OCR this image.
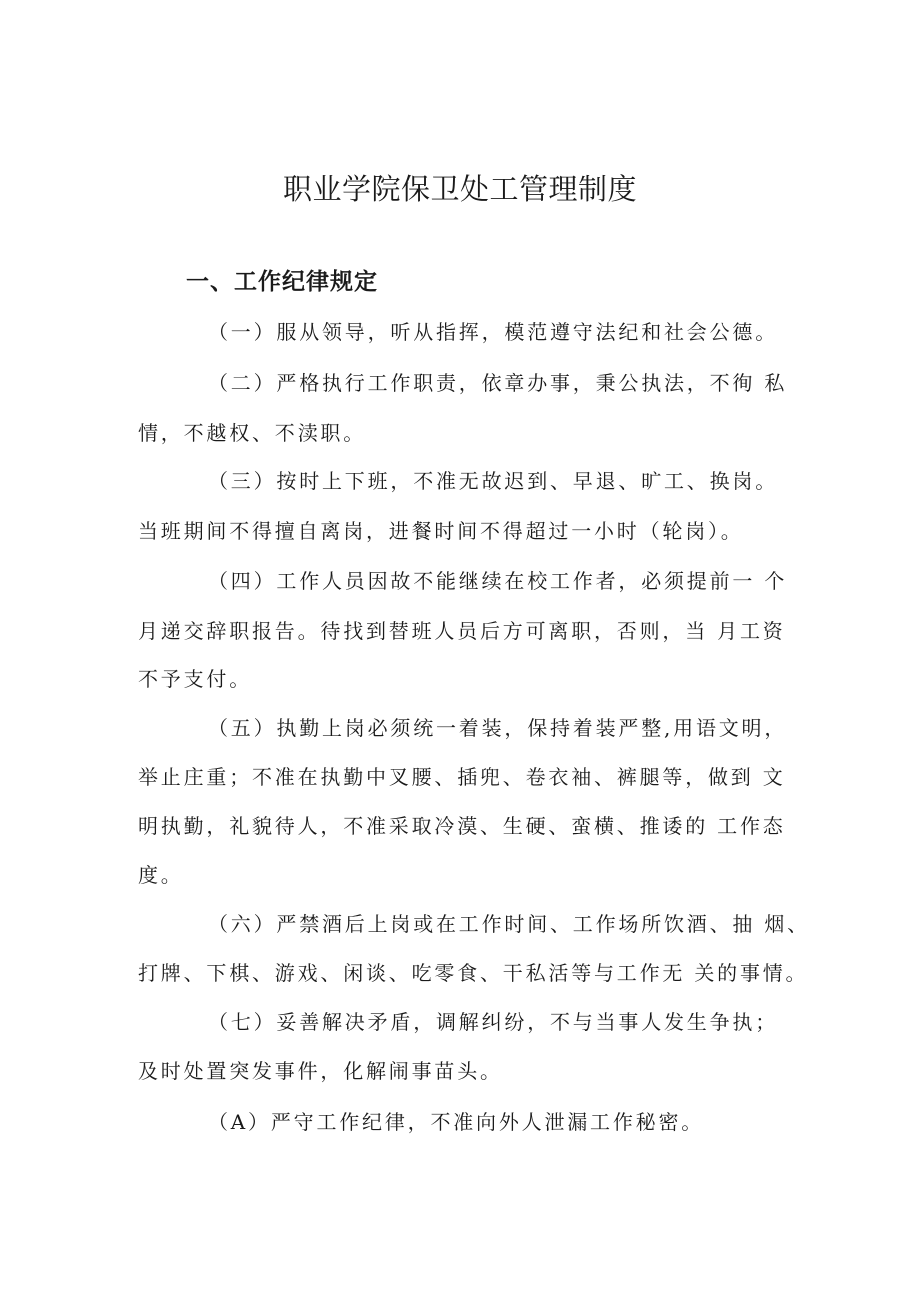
职业学院保卫处工管理制度
一、工作纪律规定

（一）服从领导，听从指挥，模范遵守法纪和社会公德。

（二）严格执行工作职责，依章办事，秉公执法，不徇 私

情，不越权、不渎职。

（三）按时上下班，不准无故迟到、早退、旷工、换岗。

当班期间不得擅自离岗，进餐时间不得超过一小时（轮岗）。

（四）工作人员因故不能继续在校工作者，必须提前一 个

月递交辞职报告。待找到替班人员后方可离职，否则，当 月工资

不予支付。

（五）执勤上岗必须统一着装，保持着装严整,用语文明，

举止庄重；不准在执勤中叉腰、插兜、卷衣袖、裤腿等，做到 文

明执勤，礼貌待人，不准采取冷漠、生硬、蛮横、推诿的 工作态

度。

（六）严禁酒后上岗或在工作时间、工作场所饮酒、抽 烟、

打牌、下棋、游戏、闲谈、吃零食、干私活等与工作无 关的事情。

（七）妥善解决矛盾，调解纠纷，不与当事人发生争执；

及时处置突发事件，化解闹事苗头。

（A）严守工作纪律，不准向外人泄漏工作秘密。
